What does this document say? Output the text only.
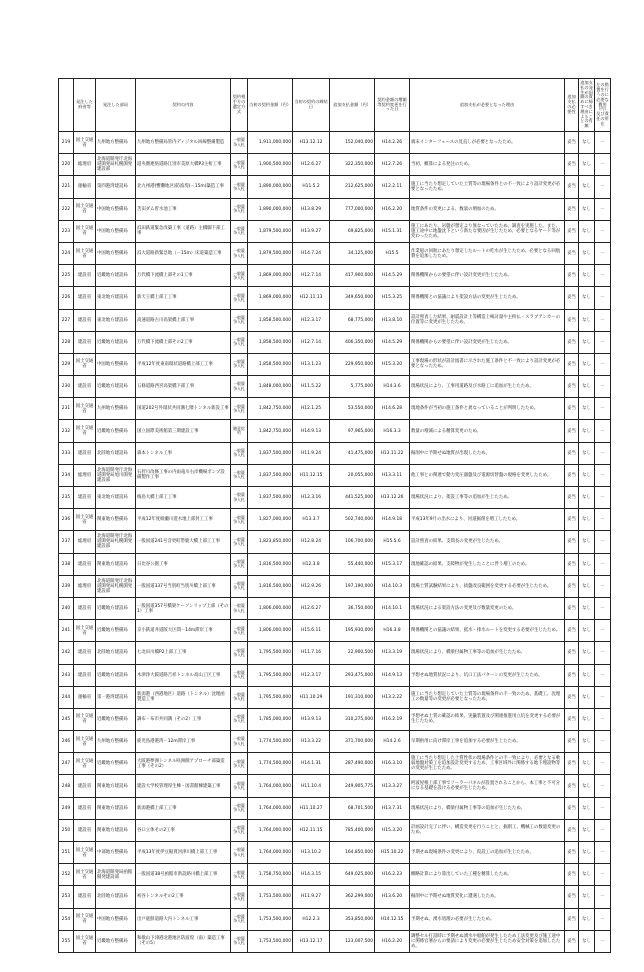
	発注した府省等	発注した部局	契約の内容	契約相手方の選定方式	当初の契約金額（円）	当初の契約の締結日	追加支払金額（円）	契約金額の増額等契約変更を行った日	追加支払が必要となった理由	追加支払の必要性	追加支払の発生が国側の責めに帰すべき理由によることの有無	左の措置を行うのに必要な費用（円）及び責任の所在
219	国土交通省	九州地方整備局	九州地方整備局管内ディジタル回線整備製造	一般競争入札	1,911,000,000	H13.12.12	152,040,000	H14.2.26	端末インターフェースの見直しが必要となったため。	妥当	なし	－
220	総理府	北海道開発庁北海道開発局札幌開発建設部	道央圏連絡道路江別市美原大橋P3主桁工事	一般競争入札	1,900,500,000	H12.6.27	322,350,000	H12.7.26	当初、概算による発注のため。	妥当	なし	－
221	運輸省	第四港湾建設局	北九州港(響灘地区)防波堤(－15m)築造工事	一般競争入札	1,890,000,000	H11.5.2	212,625,000	H12.2.11	施工に当たり想定していた土質等の現場条件との不一致により設計変更が必要となったため。	妥当	なし	－
222	国土交通省	中国地方整備局	苫田ダム貯水池工事	一般競争入札	1,890,000,000	H13.8.29	777,000,000	H16.2.20	地質条件の変更による、数量の増加のため。	妥当	なし	－
223	国土交通省	中国地方整備局	浜田鉄道緊急改築工事（道路）主橋脚下部工事	一般競争入札	1,879,500,000	H13.9.27	69,825,000	H15.1.31	施工にあたり、岩盤が想定より異なっていたため、調査を実施した。また、施工途中に地盤沈下という新たな要因が生じたため、必要となるヤード等が変わったため。	妥当	なし	－
224	国土交通省	中国地方整備局	浜大道路新緊急地（－15m）床道築造工事	一般競争入札	1,879,500,000	H14.7.24	34,125,000	H15.5	作業船の回航にあたり想定したルートの吃水が生じたため、必要となる回航費を追加したため。	妥当	なし	－
225	建設省	近畿地方建設局	万代橋下流橋上部その1工事	一般競争入札	1,869,000,000	H12.7.14	417,900,000	H14.5.29	関係機関からの要望に伴い設計変更が生じたため。	妥当	なし	－
226	建設省	東北地方建設局	新天王橋上部工工事	一般競争入札	1,869,000,000	H12.11.13	349,650,000	H15.3.25	関係機関との協議により架設方法の変更が生じたため。	妥当	なし	－
227	建設省	東北地方建設局	高速道路古川高架橋上部工事	一般競争入札	1,858,500,000	H12.3.17	68,775,000	H13.8.10	設計照査した結果、耐震設計上等構造上検討量や主桁仏・スラブアンカーの位置等に変更が生じたため。	妥当	なし	－
228	建設省	近畿地方建設局	万代橋下流橋上部その2工事	一般競争入札	1,858,500,000	H12.7.14	406,350,000	H14.5.29	関係機関からの要望に伴い設計変更が生じたため。	妥当	なし	－
229	国土交通省	中国地方整備局	平成12年度東南環状道路橋上部工工事	一般競争入札	1,858,500,000	H13.1.23	229,950,000	H15.3.20	工事現場の形状が設計図書に示された施工条件と不一致により設計変更が必要となったため。	妥当	なし	－
230	建設省	近畿地方建設局	五條道路西宮高架橋下部工事	一般競争入札	1,848,000,000	H11.5.22	5,775,000	H14.3.6	現場状況により、工事用道路及び水路工に追加が生じたため。	妥当	なし	－
231	国土交通省	九州地方整備局	国道202号外環状共同溝七隈トンネル新設工事	一般競争入札	1,842,750,000	H12.1.25	53,550,000	H14.6.28	現地条件が当初の施工条件と異なっていることが判明したため。	妥当	なし	－
232	国土交通省	近畿地方整備局	国立国際美術館第三期建設工事	随意契約	1,842,750,000	H14.9.13	97,965,000	H16.3.3	数量の増減による精算変更のため。	妥当	なし	－
233	建設省	北陸地方建設局	森本トンネル工事	一般競争入札	1,837,500,000	H11.9.24	41,475,000	H13.11.22	掘削中に予期せぬ地質が出現したため。	妥当	なし	－
234	総理府	北海道開発庁北海道開発局旭川開発建設部	石狩川改修工事の内雨竜川右岸機場ポンプ設備製作工事	一般競争入札	1,837,500,000	H11.12.15	20,055,000	H13.3.11	他工事との関連で動力変圧器盤及び電源切替盤の規格を変更したため。	妥当	なし	－
235	建設省	東北地方建設局	梅島大橋上部工工事	一般競争入札	1,837,500,000	H12.3.16	441,525,000	H13.12.26	現場状況により、架設工事等の追加が生じたため。	妥当	なし	－
236	国土交通省	関東地方整備局	平成12年度綾瀬川遊水地上部封工工事	一般競争入札	1,827,000,000	H13.3.7	502,740,000	H14.9.18	平成13年9月の出水により、河道掘削を増工したため。	妥当	なし	－
237	総理府	北海道開発庁北海道開発局札幌開発建設部	一般国道241号音更町帯鹿大橋上部工工事	一般競争入札	1,823,850,000	H12.8.24	106,700,000	H15.5.6	設計照査の結果、支間長の変更が生じたため。	妥当	なし	－
238	建設省	関東地方建設局	日比谷公園工事	一般競争入札	1,816,500,000	H12.3.8	55,440,000	H15.3.17	現地確認の結果、支障物が発生したことに伴う増工のため。	妥当	なし	－
239	総理府	北海道開発庁北海道開発局札幌開発建設部	一般国道337号当別町当別川橋上部工事	一般競争入札	1,816,500,000	H12.9.26	197,190,000	H14.10.3	現場土質試験結果により、抜盤改良範囲を変更する必要が生じたため。	妥当	なし	－
240	建設省	近畿地方建設局	一般国道357号橋梁ケーソンリップ上部（その1）工事	一般競争入札	1,806,000,000	H12.6.27	36,750,000	H14.10.1	現場状況による架設方法の変更及び数量変更のため。	妥当	なし	－
241	国土交通省	近畿地方整備局	京小鉄道井道阪大区間－14m滞岸工事	一般競争入札	1,806,000,000	H15.6.11	195,930,000	H16.3.8	関係機関との協議の結果、抵水・排水ルートを変更する必要が生じたため。	妥当	なし	－
242	建設省	北陸地方建設局	七北田川橋P2上部工工事	一般競争入札	1,795,500,000	H11.7.16	22,900,500	H13.3.19	現場状況により、橋梁付属物工事等の追加が生じたため。	妥当	なし	－
243	建設省	近畿地方建設局	木津浄大阪道路吉祥トンネル高山工区工事	一般競争入札	1,795,500,000	H12.3.17	293,475,000	H14.9.13	予想せぬ地質状況により、坑口工法パターンの変更が生じたため。	妥当	なし	－
244	運輸省	第一港湾建設局	新潟港（西港地区）道路（トンネル）沈埋函製造工事	一般競争入札	1,795,500,000	H11.10.29	191,310,000	H13.2.22	施工に当たり想定していた土質等の現場条件の不一致のため、基礎工、沈埋工の数量等の変更が必要となったため。	妥当	なし	－
245	国土交通省	近畿地方整備局	調布・布市共同溝（その2）工事	一般競争入札	1,785,000,000	H13.9.13	310,275,000	H16.2.19	予想せぬ土質の確認の結果、実籤装置及び関連推進用立坑を変更する必要が生じたため。	妥当	なし	－
246	国土交通省	九州地方整備局	鹿児島港港湾－12m滞岸工事	一般競争入札	1,774,500,000	H13.3.22	371,700,000	H14.2.6	早期供用に向け滞岸工事を追加する必要が生じたため。	妥当	なし	－
247	国土交通省	近畿地方整備局	大阪港夢洲トンネル咲洲側アプローチ部築造工事（その2）	一般競争入札	1,774,500,000	H14.1.31	287,490,000	H16.3.10	施工に当たり想定した土質性状の現場条件との不一致により、必要となる軟弱地盤対策工を追加設計変更するため、工事区域外に関係する地下埋設物等の変更が生じたため。	妥当	なし	－
248	建設省	関東地方建設局	建設大学校管理厚生棟・図書館棟建築工事	一般競争入札	1,764,000,000	H11.10.4	249,905,775	H13.3.27	阿波屋根上部工事でソーラーパネルが設置されることから、本工事と不可分になる基礎を設ける必要が生じたため。	妥当	なし	－
249	建設省	関東地方建設局	新潟港橋上部工工事	一般競争入札	1,764,000,000	H11.10.27	68,701,500	H13.7.31	現場状況により、橋梁付属物工事等の追加が生じたため。	妥当	なし	－
250	建設省	関東地方建設局	谷口立体その2工事	一般競争入札	1,764,000,000	H12.11.15	785,400,000	H15.3.20	計画設計完了に伴い、構造変更を行うことと、掘削工、機械工の数量変更のため。	妥当	なし	－
251	国土交通省	中部地方整備局	平成13年度伊豆縦貫河津川橋上部工工事	一般競争入札	1,764,000,000	H13.10.2	164,850,000	H15.10.22	予期せぬ現場条件の変更により、仮設工の追加が生じたため。	妥当	なし	－
252	国土交通省	北海道開発局函館開発建設部	一般国道38号函館市新設路川橋上部工事	一般競争入札	1,758,750,000	H14.3.15	649,025,000	H16.2.23	概略計算により算出していた工種を精算したため。	妥当	なし	－
253	建設省	北陸地方建設局	初谷トンネルその2工事	一般競争入札	1,753,500,000	H11.9.27	362,299,000	H13.6.20	掘削中に予期せぬ地質変化に遭遇したため。	妥当	なし	－
254	国土交通省	中国地方整備局	出戸庭鮮道路大内トンネル工事	一般競争入札	1,753,500,000	H12.2.3	353,850,000	H14.12.15	予期せぬ、湧水処理の必要が生じたため。	妥当	なし	－
255	国土交通省	近畿地方整備局	和歌山下津港北港地区防波堤（南）築造工事（その5）	一般競争入札	1,753,500,000	H13.12.17	123,007,500	H16.2.20	調整セル打設時に予期せぬ湧水や船舶が発生したため工法変更及び施工途中に関係官署からの要請により変更の必要が生じたため安全対策を追加したため。	妥当	なし	－
